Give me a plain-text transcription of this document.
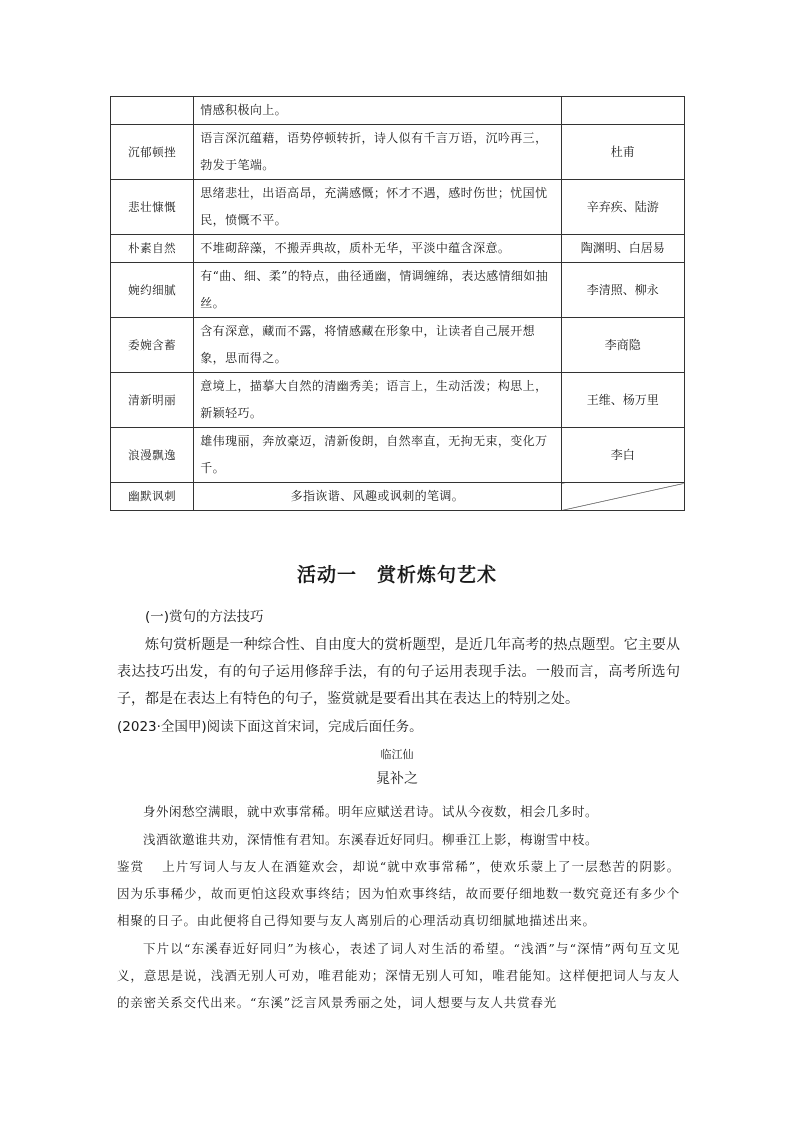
	情感积极向上。	
沉郁顿挫	语言深沉蕴藉，语势停顿转折，诗人似有千言万语，沉吟再三，勃发于笔端。	杜甫
悲壮慷慨	思绪悲壮，出语高昂，充满感慨；怀才不遇，感时伤世；忧国忧民，愤慨不平。	辛弃疾、陆游
朴素自然	不堆砌辞藻，不搬弄典故，质朴无华，平淡中蕴含深意。	陶渊明、白居易
婉约细腻	有“曲、细、柔”的特点，曲径通幽，情调缠绵，表达感情细如抽丝。	李清照、柳永
委婉含蓄	含有深意，藏而不露，将情感藏在形象中，让读者自己展开想象，思而得之。	李商隐
清新明丽	意境上，描摹大自然的清幽秀美；语言上，生动活泼；构思上，新颖轻巧。	王维、杨万里
浪漫飘逸	雄伟瑰丽，奔放豪迈，清新俊朗，自然率直，无拘无束，变化万千。	李白
幽默讽刺	多指诙谐、风趣或讽刺的笔调。	
活动一　赏析炼句艺术

(一)赏句的方法技巧

炼句赏析题是一种综合性、自由度大的赏析题型，是近几年高考的热点题型。它主要从表达技巧出发，有的句子运用修辞手法，有的句子运用表现手法。一般而言，高考所选句子，都是在表达上有特色的句子，鉴赏就是要看出其在表达上的特别之处。

(2023·全国甲)阅读下面这首宋词，完成后面任务。

临江仙

晁补之

身外闲愁空满眼，就中欢事常稀。明年应赋送君诗。试从今夜数，相会几多时。

浅酒欲邀谁共劝，深情惟有君知。东溪春近好同归。柳垂江上影，梅谢雪中枝。

鉴赏 上片写词人与友人在酒筵欢会，却说“就中欢事常稀”，使欢乐蒙上了一层愁苦的阴影。因为乐事稀少，故而更怕这段欢事终结；因为怕欢事终结，故而要仔细地数一数究竟还有多少个相聚的日子。由此便将自己得知要与友人离别后的心理活动真切细腻地描述出来。

下片以“东溪春近好同归”为核心，表述了词人对生活的希望。“浅酒”与“深情”两句互文见义，意思是说，浅酒无别人可劝，唯君能劝；深情无别人可知，唯君能知。这样便把词人与友人的亲密关系交代出来。“东溪”泛言风景秀丽之处，词人想要与友人共赏春光
